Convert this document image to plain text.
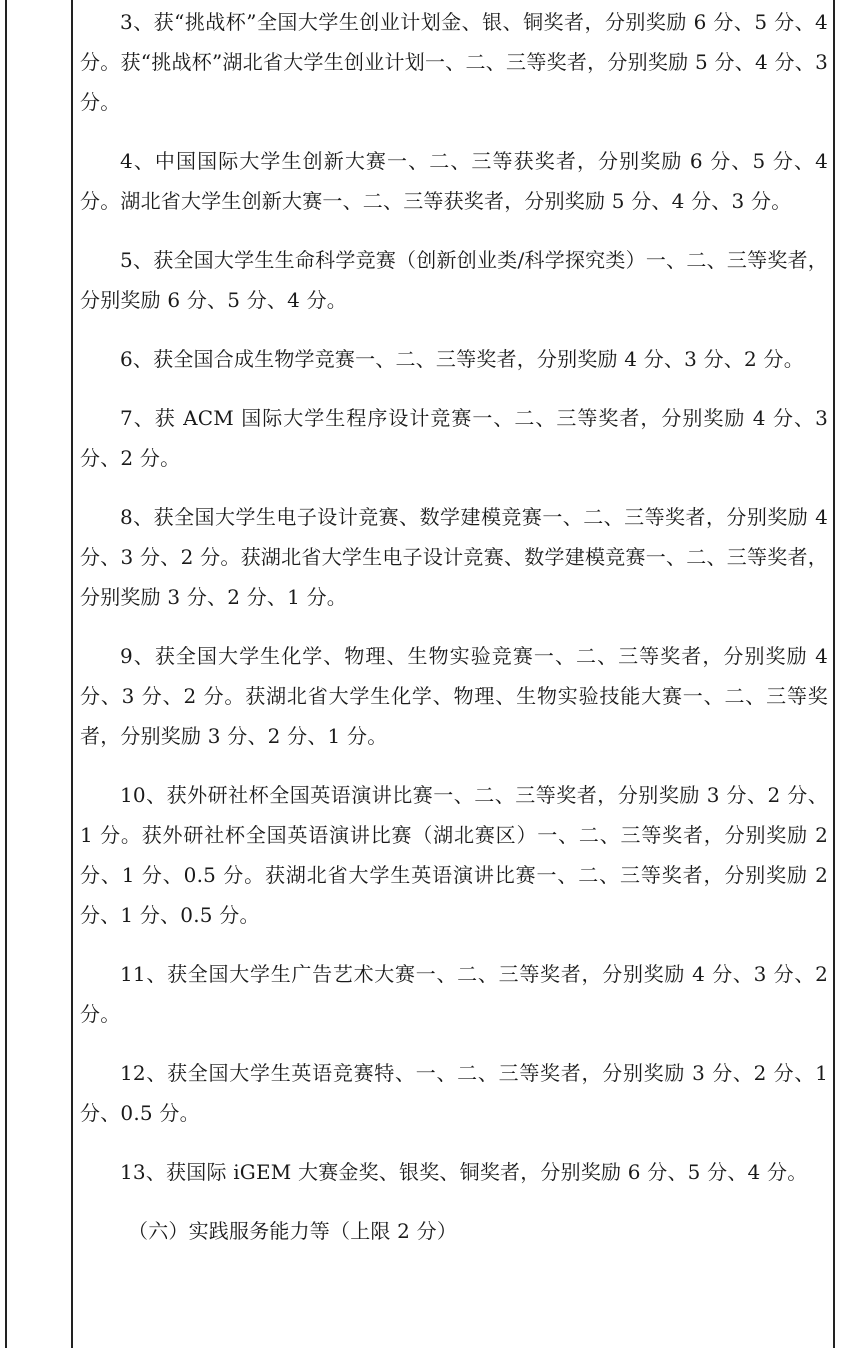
3、获“挑战杯”全国大学生创业计划金、银、铜奖者，分别奖励 6 分、5 分、4 分。获“挑战杯”湖北省大学生创业计划一、二、三等奖者，分别奖励 5 分、4 分、3 分。

4、中国国际大学生创新大赛一、二、三等获奖者，分别奖励 6 分、5 分、4 分。湖北省大学生创新大赛一、二、三等获奖者，分别奖励 5 分、4 分、3 分。

5、获全国大学生生命科学竞赛（创新创业类/科学探究类）一、二、三等奖者，分别奖励 6 分、5 分、4 分。

6、获全国合成生物学竞赛一、二、三等奖者，分别奖励 4 分、3 分、2 分。

7、获 ACM 国际大学生程序设计竞赛一、二、三等奖者，分别奖励 4 分、3 分、2 分。

8、获全国大学生电子设计竞赛、数学建模竞赛一、二、三等奖者，分别奖励 4 分、3 分、2 分。获湖北省大学生电子设计竞赛、数学建模竞赛一、二、三等奖者，分别奖励 3 分、2 分、1 分。

9、获全国大学生化学、物理、生物实验竞赛一、二、三等奖者，分别奖励 4 分、3 分、2 分。获湖北省大学生化学、物理、生物实验技能大赛一、二、三等奖者，分别奖励 3 分、2 分、1 分。

10、获外研社杯全国英语演讲比赛一、二、三等奖者，分别奖励 3 分、2 分、1 分。获外研社杯全国英语演讲比赛（湖北赛区）一、二、三等奖者，分别奖励 2 分、1 分、0.5 分。获湖北省大学生英语演讲比赛一、二、三等奖者，分别奖励 2 分、1 分、0.5 分。

11、获全国大学生广告艺术大赛一、二、三等奖者，分别奖励 4 分、3 分、2 分。

12、获全国大学生英语竞赛特、一、二、三等奖者，分别奖励 3 分、2 分、1 分、0.5 分。

13、获国际 iGEM 大赛金奖、银奖、铜奖者，分别奖励 6 分、5 分、4 分。

（六）实践服务能力等（上限 2 分）
